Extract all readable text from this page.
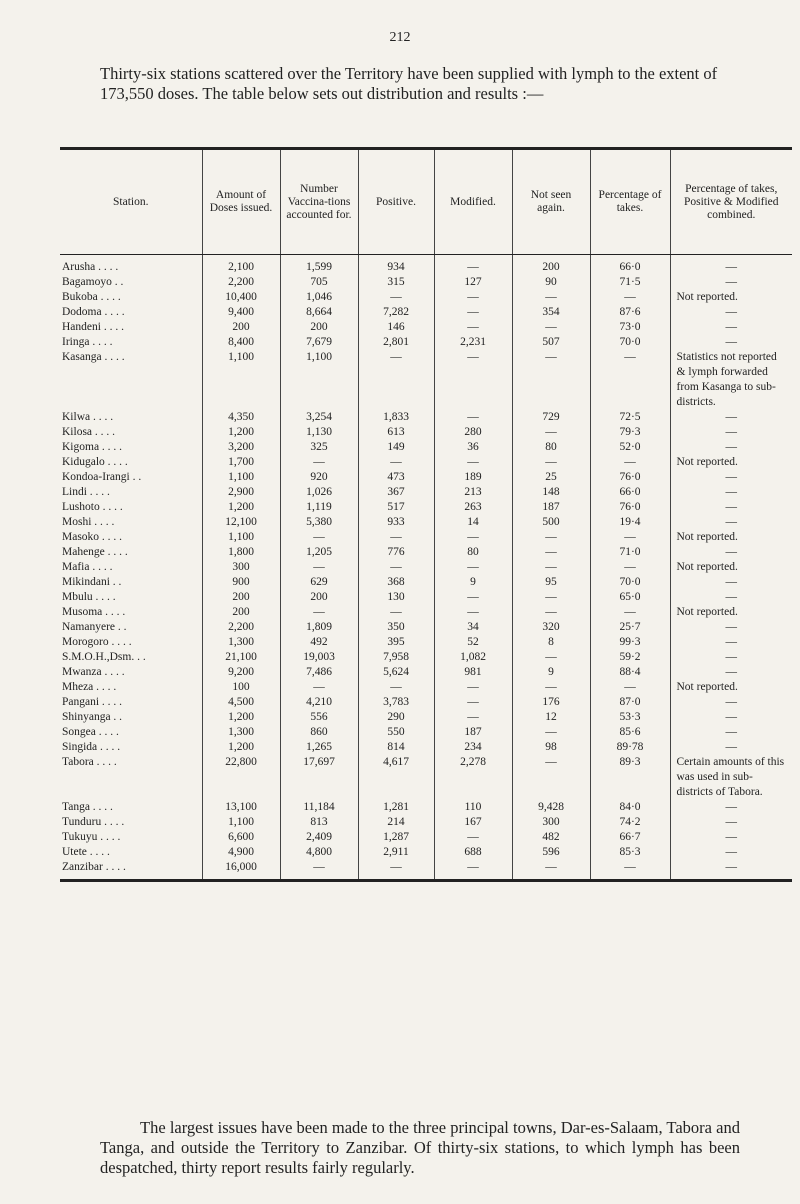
212
Thirty-six stations scattered over the Territory have been supplied with lymph to the extent of 173,550 doses. The table below sets out distribution and results :—
Station.	Amount of Doses issued.	Number Vaccina-tions accounted for.	Positive.	Modified.	Not seen again.	Percentage of takes.	Percentage of takes, Positive & Modified combined.
Arusha . . . .	2,100	1,599	934	—	200	66·0	—
Bagamoyo . .	2,200	705	315	127	90	71·5	—
Bukoba . . . .	10,400	1,046	—	—	—	—	Not reported.
Dodoma . . . .	9,400	8,664	7,282	—	354	87·6	—
Handeni . . . .	200	200	146	—	—	73·0	—
Iringa . . . .	8,400	7,679	2,801	2,231	507	70·0	—
Kasanga . . . .	1,100	1,100	—	—	—	—	Statistics not reported & lymph forwarded from Kasanga to sub-districts.
Kilwa . . . .	4,350	3,254	1,833	—	729	72·5	—
Kilosa . . . .	1,200	1,130	613	280	—	79·3	—
Kigoma . . . .	3,200	325	149	36	80	52·0	—
Kidugalo . . . .	1,700	—	—	—	—	—	Not reported.
Kondoa-Irangi . .	1,100	920	473	189	25	76·0	—
Lindi . . . .	2,900	1,026	367	213	148	66·0	—
Lushoto . . . .	1,200	1,119	517	263	187	76·0	—
Moshi . . . .	12,100	5,380	933	14	500	19·4	—
Masoko . . . .	1,100	—	—	—	—	—	Not reported.
Mahenge . . . .	1,800	1,205	776	80	—	71·0	—
Mafia . . . .	300	—	—	—	—	—	Not reported.
Mikindani . .	900	629	368	9	95	70·0	—
Mbulu . . . .	200	200	130	—	—	65·0	—
Musoma . . . .	200	—	—	—	—	—	Not reported.
Namanyere . .	2,200	1,809	350	34	320	25·7	—
Morogoro . . . .	1,300	492	395	52	8	99·3	—
S.M.O.H.,Dsm. . .	21,100	19,003	7,958	1,082	—	59·2	—
Mwanza . . . .	9,200	7,486	5,624	981	9	88·4	—
Mheza . . . .	100	—	—	—	—	—	Not reported.
Pangani . . . .	4,500	4,210	3,783	—	176	87·0	—
Shinyanga . .	1,200	556	290	—	12	53·3	—
Songea . . . .	1,300	860	550	187	—	85·6	—
Singida . . . .	1,200	1,265	814	234	98	89·78	—
Tabora . . . .	22,800	17,697	4,617	2,278	—	89·3	Certain amounts of this was used in sub-districts of Tabora.
Tanga . . . .	13,100	11,184	1,281	110	9,428	84·0	—
Tunduru . . . .	1,100	813	214	167	300	74·2	—
Tukuyu . . . .	6,600	2,409	1,287	—	482	66·7	—
Utete . . . .	4,900	4,800	2,911	688	596	85·3	—
Zanzibar . . . .	16,000	—	—	—	—	—	—
The largest issues have been made to the three principal towns, Dar-es-Salaam, Tabora and Tanga, and outside the Territory to Zanzibar. Of thirty-six stations, to which lymph has been despatched, thirty report results fairly regularly.
